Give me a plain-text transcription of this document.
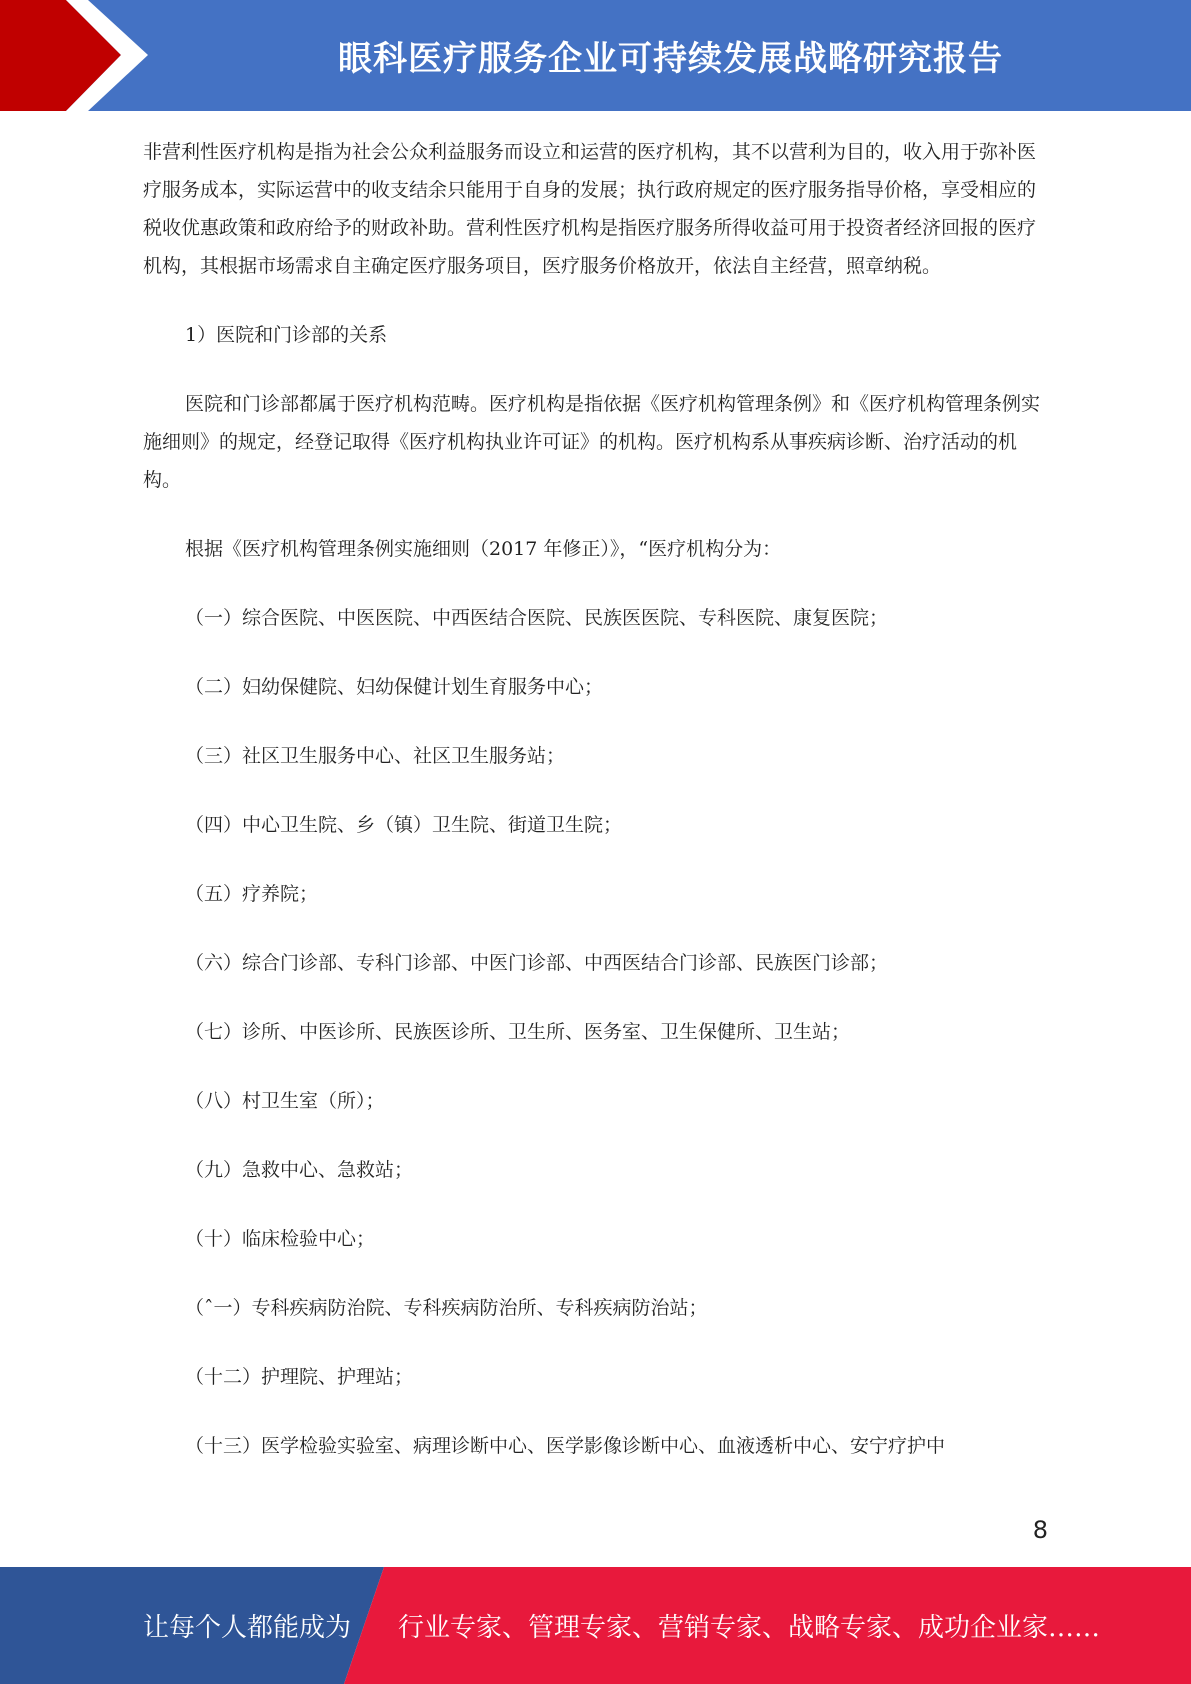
眼科医疗服务企业可持续发展战略研究报告

非营利性医疗机构是指为社会公众利益服务而设立和运营的医疗机构，其不以营利为目的，收入用于弥补医疗服务成本，实际运营中的收支结余只能用于自身的发展；执行政府规定的医疗服务指导价格，享受相应的税收优惠政策和政府给予的财政补助。营利性医疗机构是指医疗服务所得收益可用于投资者经济回报的医疗机构，其根据市场需求自主确定医疗服务项目，医疗服务价格放开，依法自主经营，照章纳税。

1）医院和门诊部的关系

医院和门诊部都属于医疗机构范畴。医疗机构是指依据《医疗机构管理条例》和《医疗机构管理条例实施细则》的规定，经登记取得《医疗机构执业许可证》的机构。医疗机构系从事疾病诊断、治疗活动的机构。

根据《医疗机构管理条例实施细则（2017 年修正）》，“医疗机构分为：

（一）综合医院、中医医院、中西医结合医院、民族医医院、专科医院、康复医院；

（二）妇幼保健院、妇幼保健计划生育服务中心；

（三）社区卫生服务中心、社区卫生服务站；

（四）中心卫生院、乡（镇）卫生院、街道卫生院；

（五）疗养院；

（六）综合门诊部、专科门诊部、中医门诊部、中西医结合门诊部、民族医门诊部；

（七）诊所、中医诊所、民族医诊所、卫生所、医务室、卫生保健所、卫生站；

（八）村卫生室（所）；

（九）急救中心、急救站；

（十）临床检验中心；

（ˆ一）专科疾病防治院、专科疾病防治所、专科疾病防治站；

（十二）护理院、护理站；

（十三）医学检验实验室、病理诊断中心、医学影像诊断中心、血液透析中心、安宁疗护中

8
让每个人都能成为 行业专家、管理专家、营销专家、战略专家、成功企业家……
